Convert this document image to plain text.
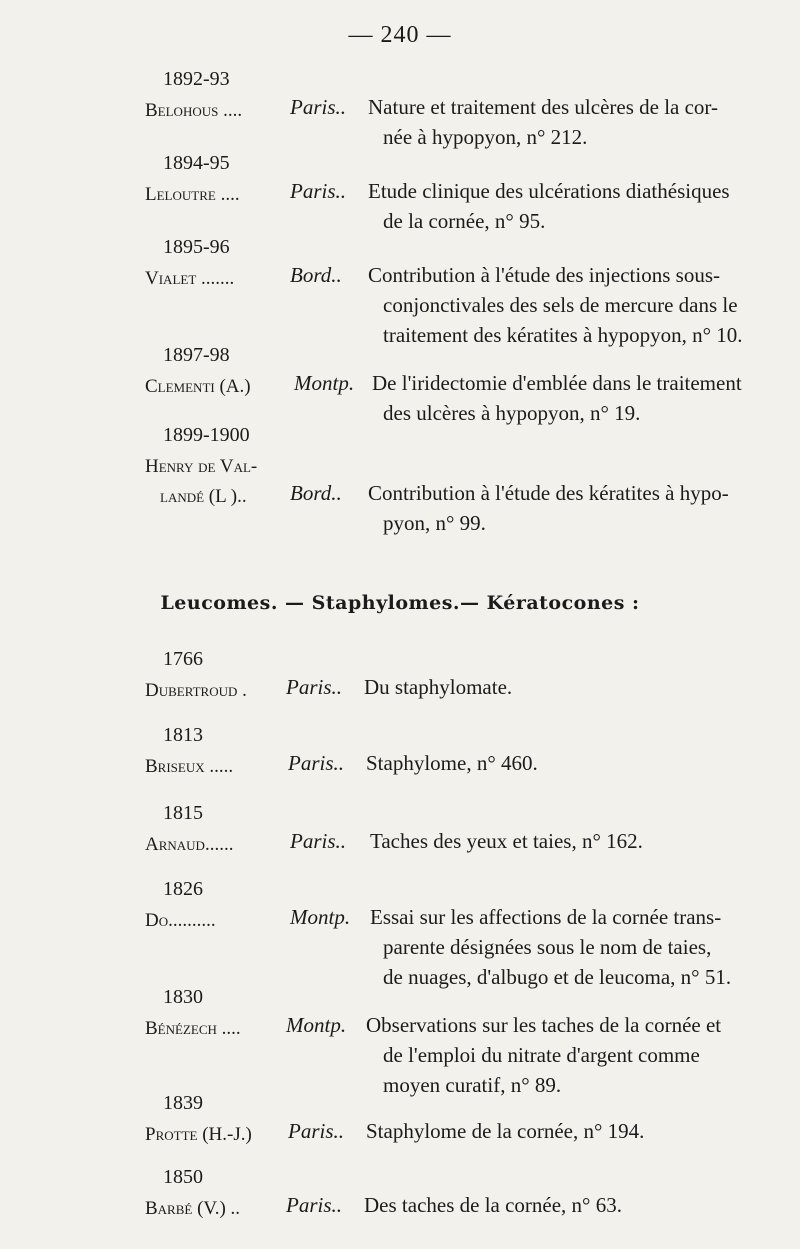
— 240 —
1892-93
Belohous .... Paris.. Nature et traitement des ulcères de la cor-
née à hypopyon, n° 212.
1894-95
Leloutre .... Paris.. Etude clinique des ulcérations diathésiques
de la cornée, n° 95.
1895-96
Vialet .......	Bord.. Contribution à l'étude des injections sous-
conjonctivales des sels de mercure dans le
traitement des kératites à hypopyon, n° 10.
1897-98
Clementi (A.) Montp. De l'iridectomie d'emblée dans le traitement
des ulcères à hypopyon, n° 19.
1899-1900
Henry de Val-
landé (L ).. Bord.. Contribution à l'étude des kératites à hypo-
pyon, n° 99.
Leucomes. — Staphylomes.— Kératocones :
1766
Dubertroud . Paris.. Du staphylomate.
1813
Briseux .....	Paris.. Staphylome, n° 460.
1815
Arnaud......	Paris.. Taches des yeux et taies, n° 162.
1826
Do..........	Montp. Essai sur les affections de la cornée trans-
parente désignées sous le nom de taies,
de nuages, d'albugo et de leucoma, n° 51.
1830
Bénézech .... Montp. Observations sur les taches de la cornée et
de l'emploi du nitrate d'argent comme
moyen curatif, n° 89.
1839
Protte (H.-J.) Paris.. Staphylome de la cornée, n° 194.
1850
Barbé (V.) .. Paris.. Des taches de la cornée, n° 63.
